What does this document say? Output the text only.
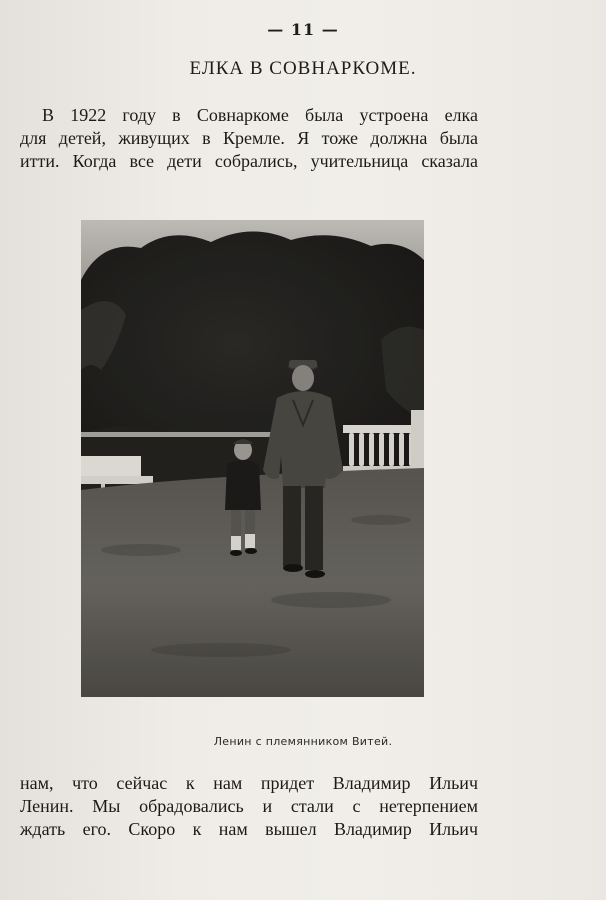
— 11 —
ЕЛКА В СОВНАРКОМЕ.
В 1922 году в Совнаркоме была устроена елка
для детей, живущих в Кремле. Я тоже должна была
итти. Когда все дети собрались, учительница сказала
Ленин с племянником Витей.
нам, что сейчас к нам придет Владимир Ильич
Ленин. Мы обрадовались и стали с нетерпением
ждать его. Скоро к нам вышел Владимир Ильич
